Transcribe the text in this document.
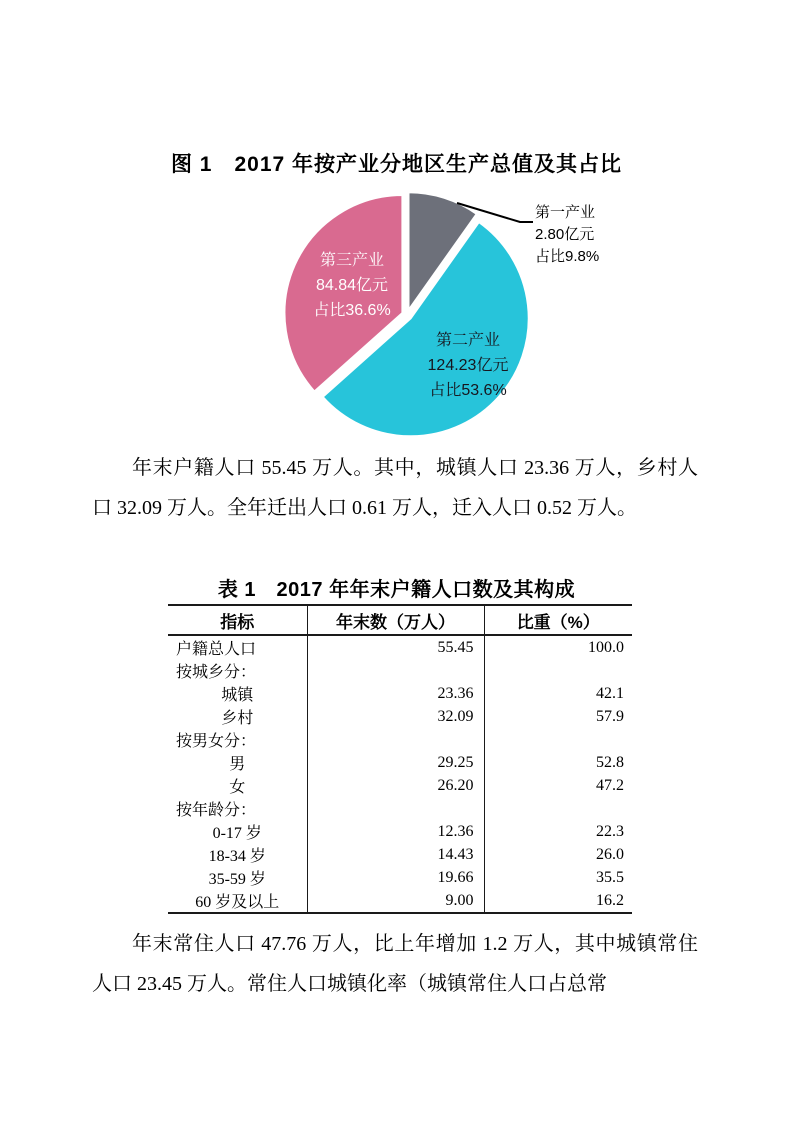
图 1　2017 年按产业分地区生产总值及其占比
第一产业
2.80亿元
占比9.8%
第二产业
124.23亿元
占比53.6%
第三产业
84.84亿元
占比36.6%

年末户籍人口 55.45 万人。其中，城镇人口 23.36 万人，乡村人口 32.09 万人。全年迁出人口 0.61 万人，迁入人口 0.52 万人。

表 1　2017 年年末户籍人口数及其构成
指标	年末数（万人）	比重（%）
户籍总人口	55.45	100.0
按城乡分：		
城镇	23.36	42.1
乡村	32.09	57.9
按男女分：		
男	29.25	52.8
女	26.20	47.2
按年龄分：		
0-17 岁	12.36	22.3
18-34 岁	14.43	26.0
35-59 岁	19.66	35.5
60 岁及以上	9.00	16.2

年末常住人口 47.76 万人，比上年增加 1.2 万人，其中城镇常住人口 23.45 万人。常住人口城镇化率（城镇常住人口占总常
